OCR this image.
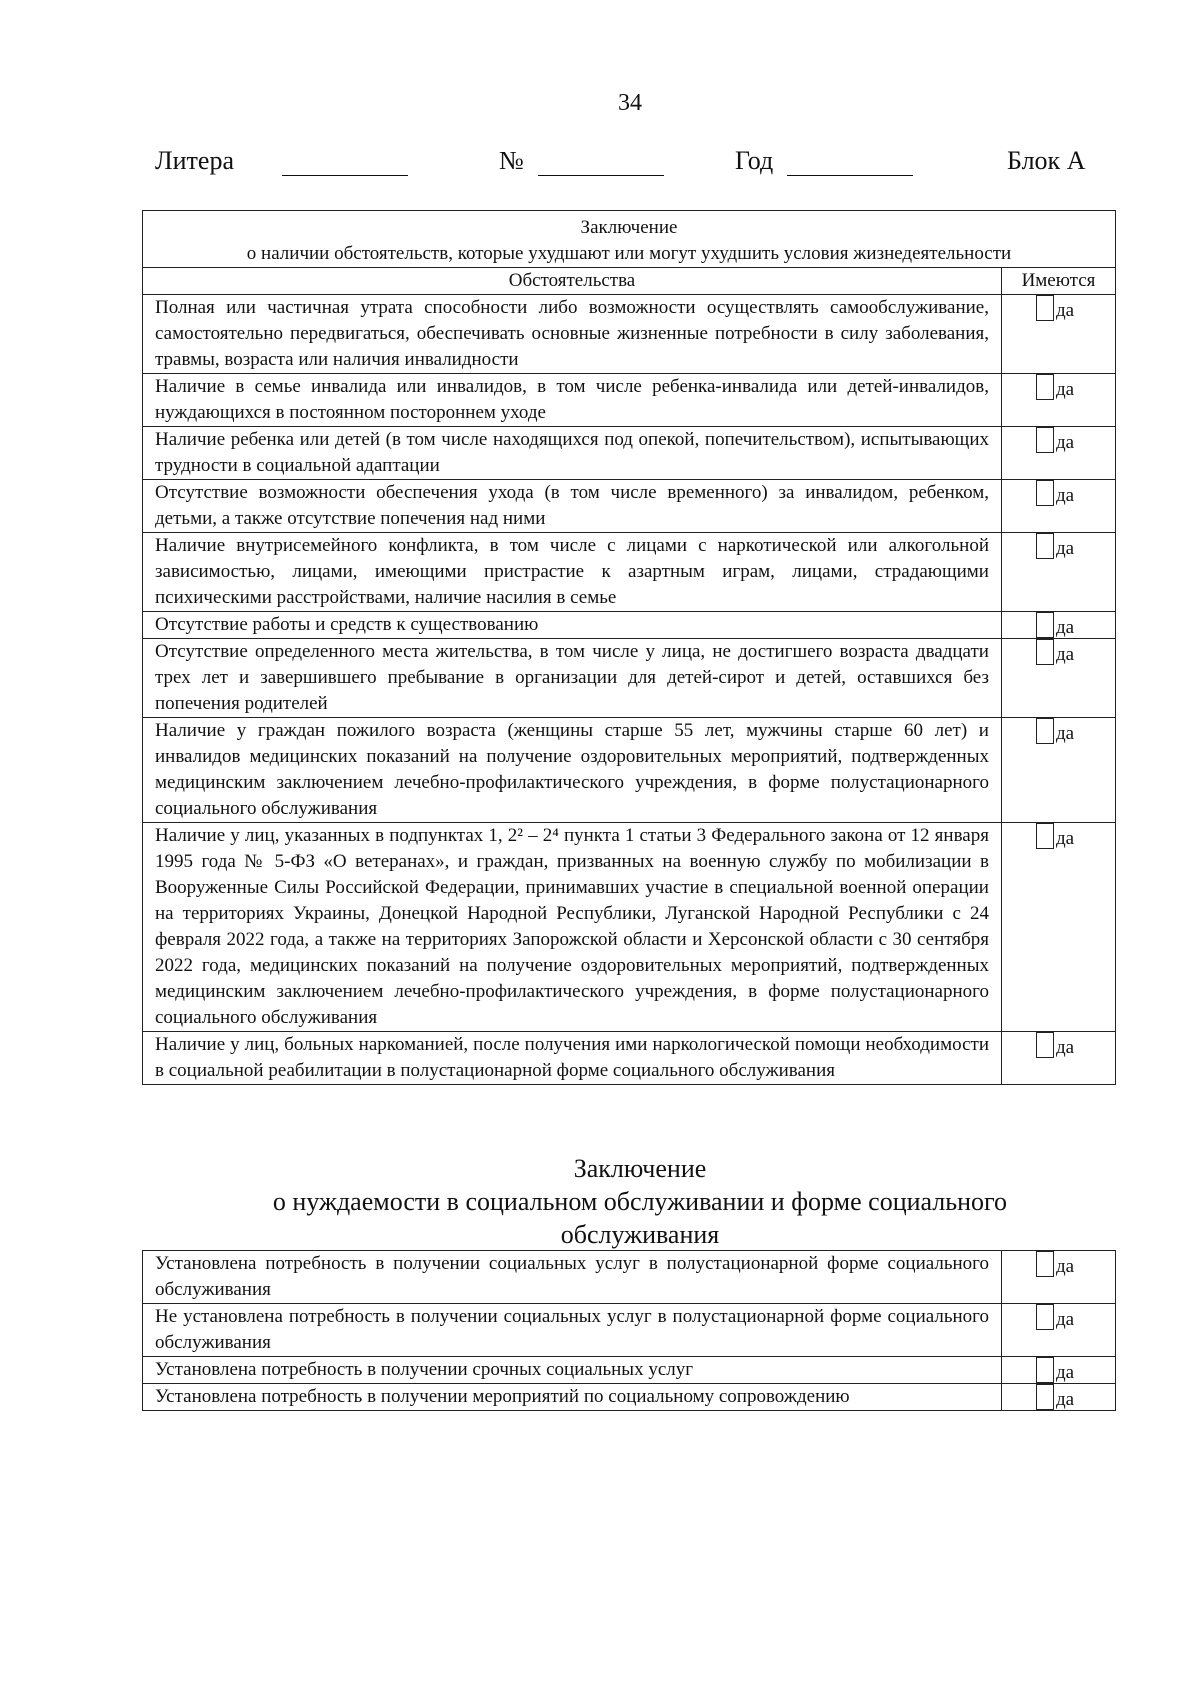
34
Литера	№	Год	Блок А
Заключение
о наличии обстоятельств, которые ухудшают или могут ухудшить условия жизнедеятельности	

Обстоятельства	Имеются
Полная или частичная утрата способности либо возможности осуществлять самообслуживание, самостоятельно передвигаться, обеспечивать основные жизненные потребности в силу заболевания, травмы, возраста или наличия инвалидности	да

Наличие в семье инвалида или инвалидов, в том числе ребенка-инвалида или детей-инвалидов, нуждающихся в постоянном постороннем уходе	да

Наличие ребенка или детей (в том числе находящихся под опекой, попечительством), испытывающих трудности в социальной адаптации	да

Отсутствие возможности обеспечения ухода (в том числе временного) за инвалидом, ребенком, детьми, а также отсутствие попечения над ними	да

Наличие внутрисемейного конфликта, в том числе с лицами с наркотической или алкогольной зависимостью, лицами, имеющими пристрастие к азартным играм, лицами, страдающими психическими расстройствами, наличие насилия в семье	да

Отсутствие работы и средств к существованию	да

Отсутствие определенного места жительства, в том числе у лица, не достигшего возраста двадцати трех лет и завершившего пребывание в организации для детей-сирот и детей, оставшихся без попечения родителей	да

Наличие у граждан пожилого возраста (женщины старше 55 лет, мужчины старше 60 лет) и инвалидов медицинских показаний на получение оздоровительных мероприятий, подтвержденных медицинским заключением лечебно-профилактического учреждения, в форме полустационарного социального обслуживания	да

Наличие у лиц, указанных в подпунктах 1, 2² – 2⁴ пункта 1 статьи 3 Федерального закона от 12 января 1995 года № 5-ФЗ «О ветеранах», и граждан, призванных на военную службу по мобилизации в Вооруженные Силы Российской Федерации, принимавших участие в специальной военной операции на территориях Украины, Донецкой Народной Республики, Луганской Народной Республики с 24 февраля 2022 года, а также на территориях Запорожской области и Херсонской области с 30 сентября 2022 года, медицинских показаний на получение оздоровительных мероприятий, подтвержденных медицинским заключением лечебно-профилактического учреждения, в форме полустационарного социального обслуживания	да

Наличие у лиц, больных наркоманией, после получения ими наркологической помощи необходимости в социальной реабилитации в полустационарной форме социального обслуживания	да
Заключение
о нуждаемости в социальном обслуживании и форме социального
обслуживания
Установлена потребность в получении социальных услуг в полустационарной форме социального обслуживания	да

Не установлена потребность в получении социальных услуг в полустационарной форме социального обслуживания	да

Установлена потребность в получении срочных социальных услуг	да

Установлена потребность в получении мероприятий по социальному сопровождению	да
